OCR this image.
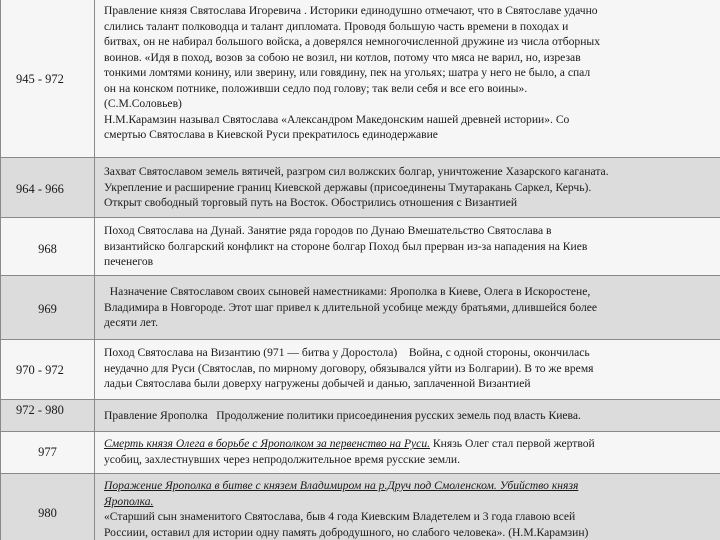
945 - 972
Правление князя Святослава Игоревича . Историки единодушно отмечают, что в Святославе удачно
слились талант полководца и талант дипломата. Проводя большую часть времени в походах и
битвах, он не набирал большого войска, а доверялся немногочисленной дружине из числа отборных
воинов. «Идя в поход, возов за собою не возил, ни котлов, потому что мяса не варил, но, изрезав
тонкими ломтями конину, или зверину, или говядину, пек на угольях; шатра у него не было, а спал
он на конском потнике, положивши седло под голову; так вели себя и все его воины».
(С.М.Соловьев)
Н.М.Карамзин называл Святослава «Александром Македонским нашей древней истории». Со
смертью Святослава в Киевской Руси прекратилось единодержавие
964 - 966
Захват Святославом земель вятичей, разгром сил волжских болгар, уничтожение Хазарского каганата.
Укрепление и расширение границ Киевской державы (присоединены Тмутаракань Саркел, Керчь).
Открыт свободный торговый путь на Восток. Обострились отношения с Византией
968
Поход Святослава на Дунай. Занятие ряда городов по Дунаю Вмешательство Святослава в
византийско болгарский конфликт на стороне болгар Поход был прерван из-за нападения на Киев
печенегов
969
Назначение Святославом своих сыновей наместниками: Ярополка в Киеве, Олега в Искоростене,
Владимира в Новгороде. Этот шаг привел к длительной усобице между братьями, длившейся более
десяти лет.
970 - 972
Поход Святослава на Византию (971 — битва у Доростола)    Война, с одной стороны, окончилась
неудачно для Руси (Святослав, по мирному договору, обязывался уйти из Болгарии). В то же время
ладьи Святослава были доверху нагружены добычей и данью, заплаченной Византией
972 - 980	Правление Ярополка   Продолжение политики присоединения русских земель под власть Киева.
977
Смерть князя Олега в борьбе с Ярополком за первенство на Руси. Князь Олег стал первой жертвой
усобиц, захлестнувших через непродолжительное время русские земли.
980
Поражение Ярополка в битве с князем Владимиром на р.Друч под Смоленском. Убийство князя
Ярополка.
«Старший сын знаменитого Святослава, быв 4 года Киевским Владетелем и 3 года главою всей
Россиии, оставил для истории одну память добродушного, но слабого человека». (Н.М.Карамзин)
